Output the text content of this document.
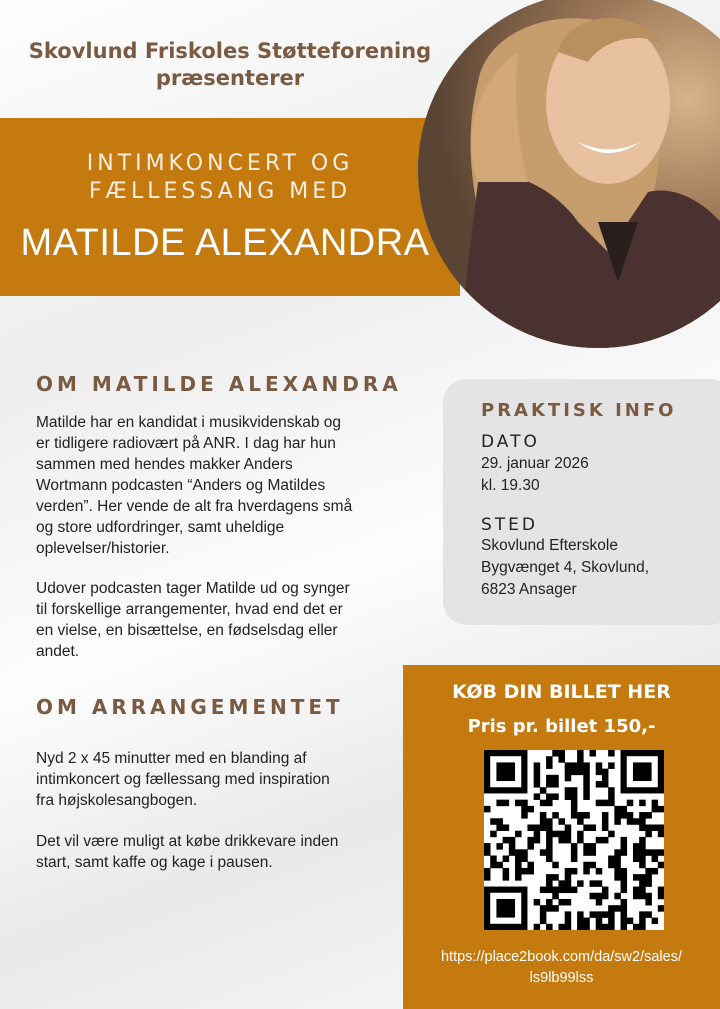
Skovlund Friskoles Støtteforening
præsenterer
INTIMKONCERT OG
FÆLLESSANG MED
MATILDE ALEXANDRA
OM MATILDE ALEXANDRA
Matilde har en kandidat i musikvidenskab og
er tidligere radiovært på ANR. I dag har hun
sammen med hendes makker Anders
Wortmann podcasten “Anders og Matildes
verden”. Her vende de alt fra hverdagens små
og store udfordringer, samt uheldige
oplevelser/historier.
Udover podcasten tager Matilde ud og synger
til forskellige arrangementer, hvad end det er
en vielse, en bisættelse, en fødselsdag eller
andet.
OM ARRANGEMENTET
Nyd 2 x 45 minutter med en blanding af
intimkoncert og fællessang med inspiration
fra højskolesangbogen.
Det vil være muligt at købe drikkevare inden
start, samt kaffe og kage i pausen.
PRAKTISK INFO
DATO
29. januar 2026
kl. 19.30
STED
Skovlund Efterskole
Bygvænget 4, Skovlund,
6823 Ansager
KØB DIN BILLET HER
Pris pr. billet 150,-
https://place2book.com/da/sw2/sales/
ls9lb99lss
